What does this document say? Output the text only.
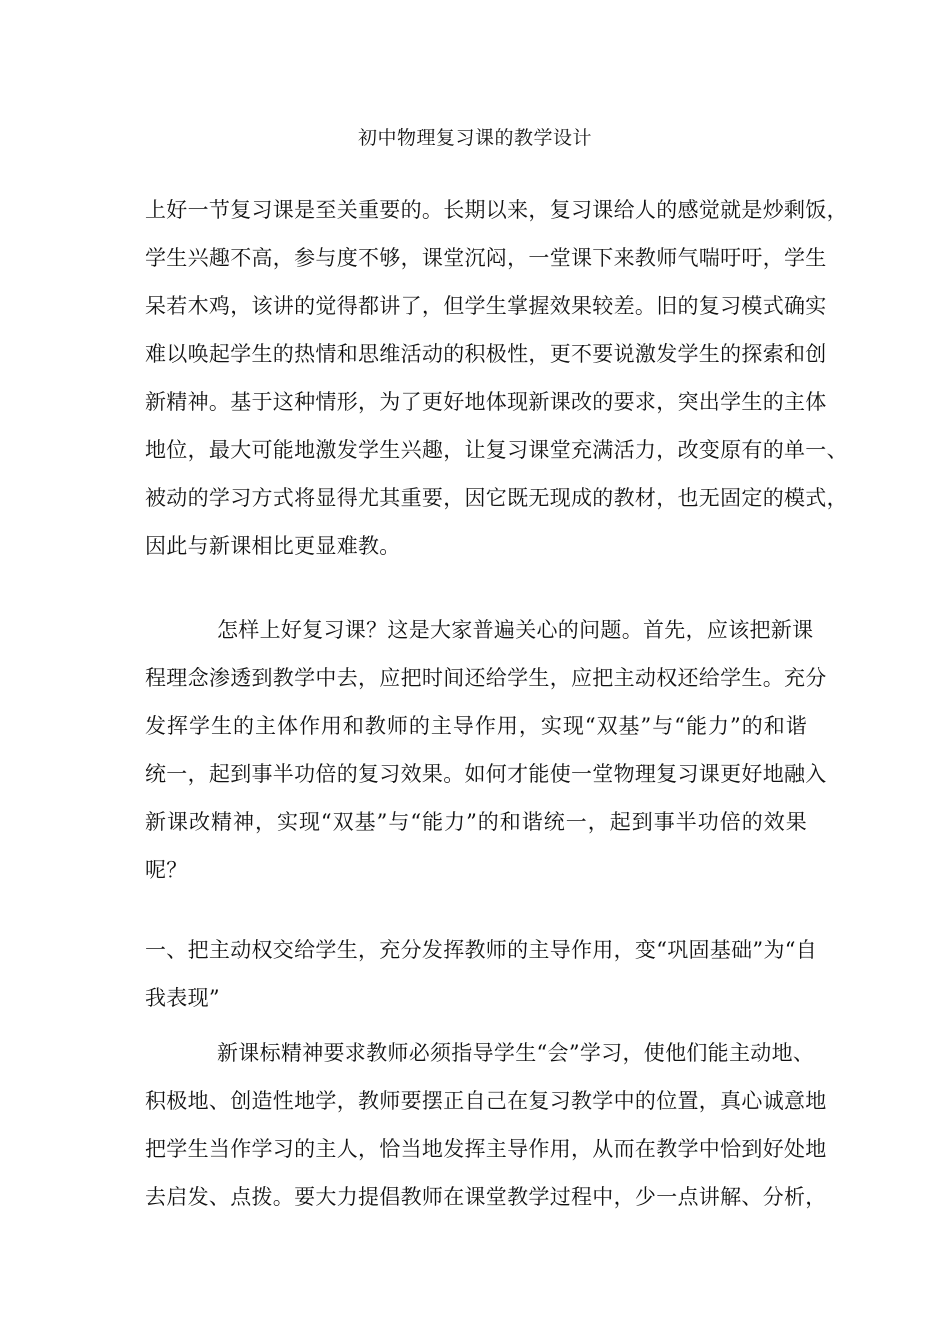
初中物理复习课的教学设计
上好一节复习课是至关重要的。长期以来，复习课给人的感觉就是炒剩饭，
学生兴趣不高，参与度不够，课堂沉闷，一堂课下来教师气喘吁吁，学生
呆若木鸡，该讲的觉得都讲了，但学生掌握效果较差。旧的复习模式确实
难以唤起学生的热情和思维活动的积极性，更不要说激发学生的探索和创
新精神。基于这种情形，为了更好地体现新课改的要求，突出学生的主体
地位，最大可能地激发学生兴趣，让复习课堂充满活力，改变原有的单一、
被动的学习方式将显得尤其重要，因它既无现成的教材，也无固定的模式，
因此与新课相比更显难教。
怎样上好复习课？这是大家普遍关心的问题。首先，应该把新课
程理念渗透到教学中去，应把时间还给学生，应把主动权还给学生。充分
发挥学生的主体作用和教师的主导作用，实现“双基”与“能力”的和谐
统一，起到事半功倍的复习效果。如何才能使一堂物理复习课更好地融入
新课改精神，实现“双基”与“能力”的和谐统一，起到事半功倍的效果
呢？
一、把主动权交给学生，充分发挥教师的主导作用，变“巩固基础”为“自
我表现”
新课标精神要求教师必须指导学生“会”学习，使他们能主动地、
积极地、创造性地学，教师要摆正自己在复习教学中的位置，真心诚意地
把学生当作学习的主人，恰当地发挥主导作用，从而在教学中恰到好处地
去启发、点拨。要大力提倡教师在课堂教学过程中，少一点讲解、分析，
